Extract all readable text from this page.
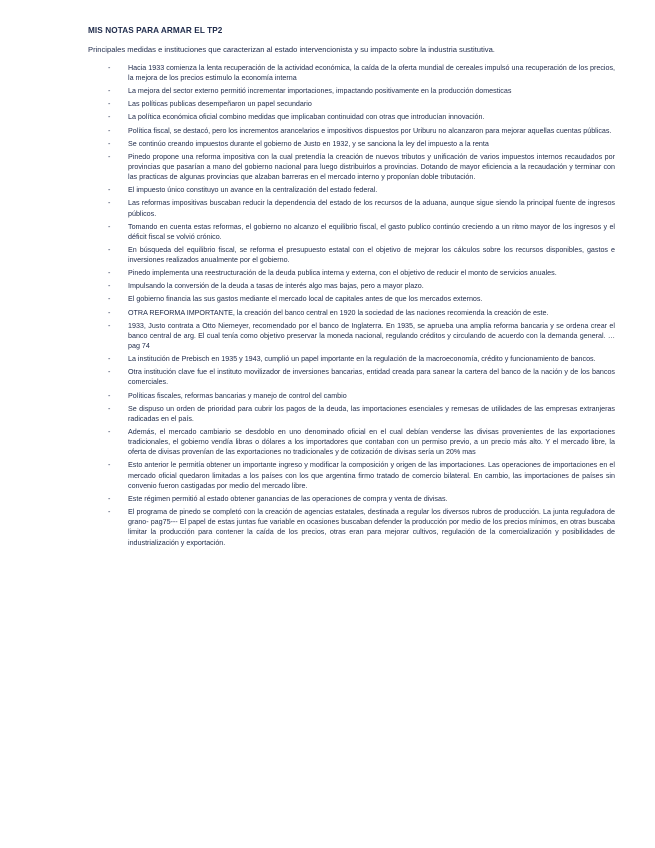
MIS NOTAS PARA ARMAR EL TP2
Principales medidas e instituciones que caracterizan al estado intervencionista y su impacto sobre la industria sustitutiva.
- Hacia 1933 comienza la lenta recuperación de la actividad económica, la caída de la oferta mundial de cereales impulsó una recuperación de los precios, la mejora de los precios estimulo la economía interna
- La mejora del sector externo permitió incrementar importaciones, impactando positivamente en la producción domesticas
- Las políticas publicas desempeñaron un papel secundario
- La política económica oficial combino medidas que implicaban continuidad con otras que introducían innovación.
- Política fiscal, se destacó, pero los incrementos arancelarios e impositivos dispuestos por Uriburu no alcanzaron para mejorar aquellas cuentas públicas.
- Se continúo creando impuestos durante el gobierno de Justo en 1932, y se sanciona la ley del impuesto a la renta
- Pinedo propone una reforma impositiva con la cual pretendía la creación de nuevos tributos y unificación de varios impuestos internos recaudados por provincias que pasarían a mano del gobierno nacional para luego distribuirlos a provincias. Dotando de mayor eficiencia a la recaudación y terminar con las practicas de algunas provincias que alzaban barreras en el mercado interno y proponían doble tributación.
- El impuesto único constituyo un avance en la centralización del estado federal.
- Las reformas impositivas buscaban reducir la dependencia del estado de los recursos de la aduana, aunque sigue siendo la principal fuente de ingresos públicos.
- Tomando en cuenta estas reformas, el gobierno no alcanzo el equilibrio fiscal, el gasto publico continúo creciendo a un ritmo mayor de los ingresos y el déficit fiscal se volvió crónico.
- En búsqueda del equilibrio fiscal, se reforma el presupuesto estatal con el objetivo de mejorar los cálculos sobre los recursos disponibles, gastos e inversiones realizados anualmente por el gobierno.
- Pinedo implementa una reestructuración de la deuda publica interna y externa, con el objetivo de reducir el monto de servicios anuales.
- Impulsando la conversión de la deuda a tasas de interés algo mas bajas, pero a mayor plazo.
- El gobierno financia las sus gastos mediante el mercado local de capitales antes de que los mercados externos.
- OTRA REFORMA IMPORTANTE, la creación del banco central en 1920 la sociedad de las naciones recomienda la creación de este.
- 1933, Justo contrata a Otto Niemeyer, recomendado por el banco de Inglaterra. En 1935, se aprueba una amplia reforma bancaria y se ordena crear el banco central de arg. El cual tenía como objetivo preservar la moneda nacional, regulando créditos y circulando de acuerdo con la demanda general. … pag 74
- La institución de Prebisch en 1935 y 1943, cumplió un papel importante en la regulación de la macroeconomía, crédito y funcionamiento de bancos.
- Otra institución clave fue el instituto movilizador de inversiones bancarias, entidad creada para sanear la cartera del banco de la nación y de los bancos comerciales.
- Políticas fiscales, reformas bancarias y manejo de control del cambio
- Se dispuso un orden de prioridad para cubrir los pagos de la deuda, las importaciones esenciales y remesas de utilidades de las empresas extranjeras radicadas en el país.
- Además, el mercado cambiario se desdoblo en uno denominado oficial en el cual debían venderse las divisas provenientes de las exportaciones tradicionales, el gobierno vendía libras o dólares a los importadores que contaban con un permiso previo, a un precio más alto. Y el mercado libre, la oferta de divisas provenían de las exportaciones no tradicionales y de cotización de divisas sería un 20% mas
- Esto anterior le permitía obtener un importante ingreso y modificar la composición y origen de las importaciones. Las operaciones de importaciones en el mercado oficial quedaron limitadas a los países con los que argentina firmo tratado de comercio bilateral. En cambio, las importaciones de países sin convenio fueron castigadas por medio del mercado libre.
- Este régimen permitió al estado obtener ganancias de las operaciones de compra y venta de divisas.
- El programa de pinedo se completó con la creación de agencias estatales, destinada a regular los diversos rubros de producción. La junta reguladora de grano- pag75--- El papel de estas juntas fue variable en ocasiones buscaban defender la producción por medio de los precios mínimos, en otras buscaba limitar la producción para contener la caída de los precios, otras eran para mejorar cultivos, regulación de la comercialización y posibilidades de industrialización y exportación.
